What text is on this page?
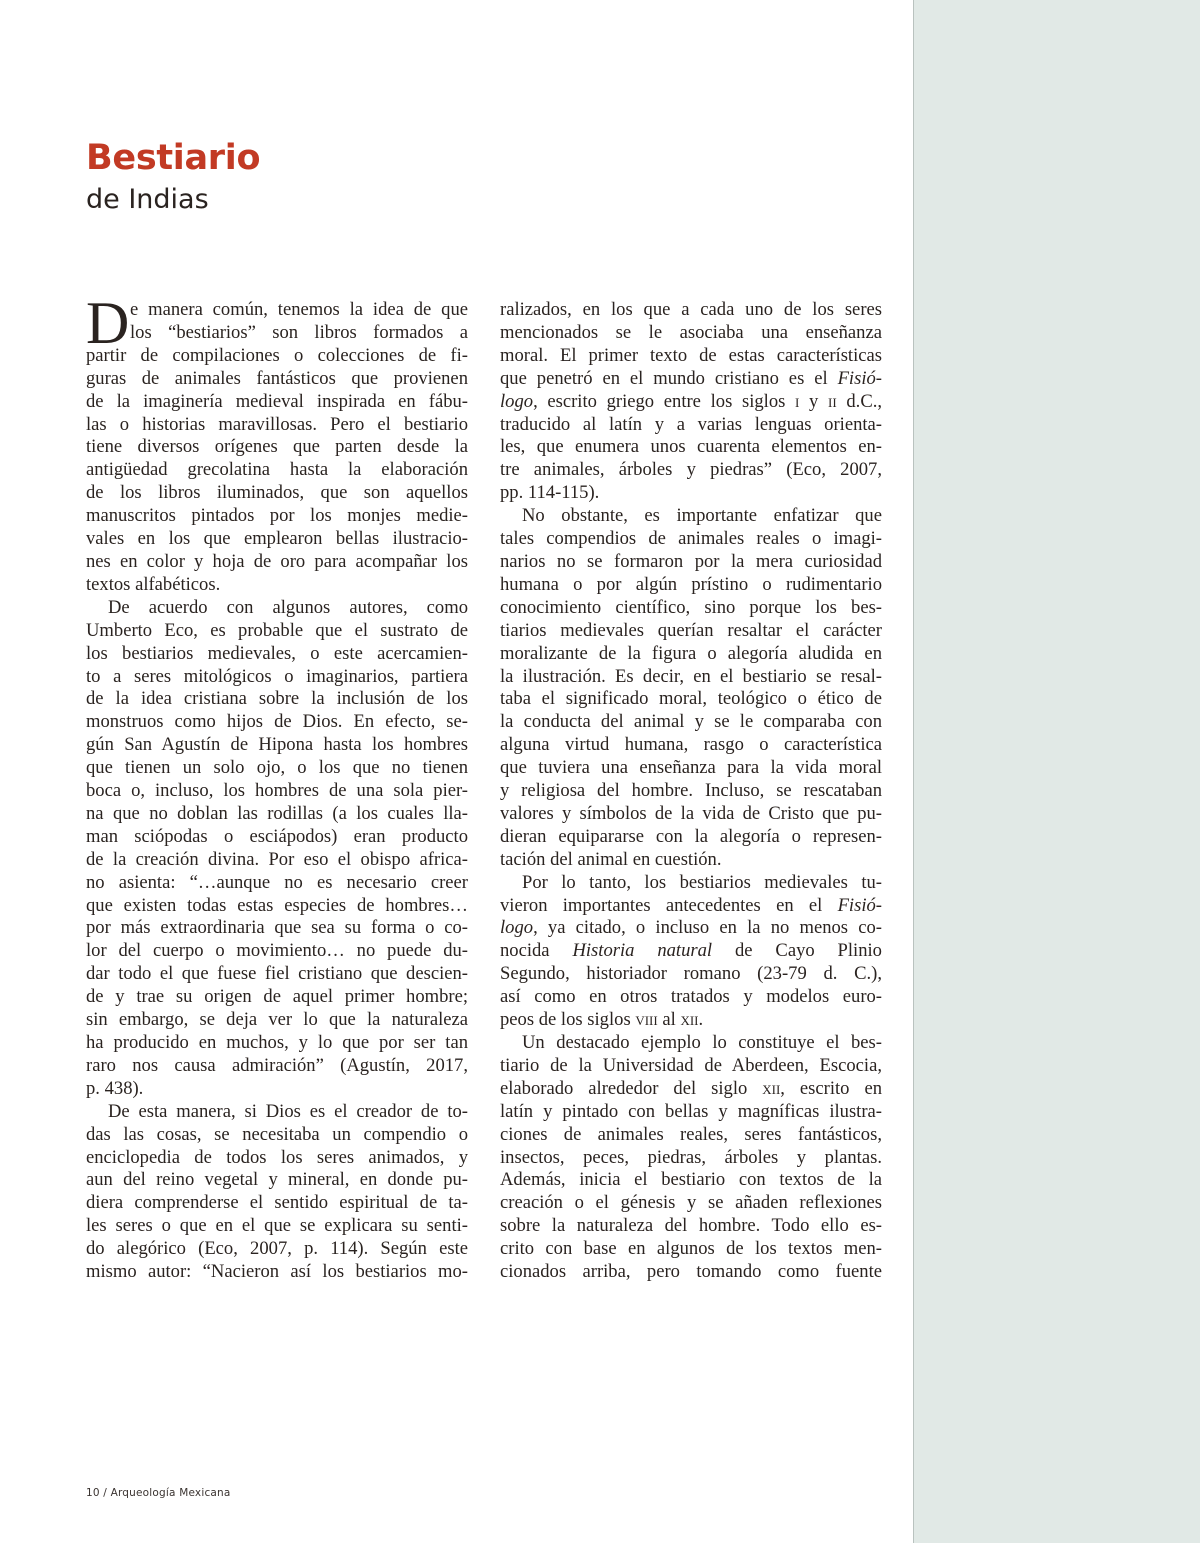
Bestiario
de Indias
D e manera común, tenemos la idea de que
los “bestiarios” son libros formados a
partir de compilaciones o colecciones de fi-
guras de animales fantásticos que provienen
de la imaginería medieval inspirada en fábu-
las o historias maravillosas. Pero el bestiario
tiene diversos orígenes que parten desde la
antigüedad grecolatina hasta la elaboración
de los libros iluminados, que son aquellos
manuscritos pintados por los monjes medie-
vales en los que emplearon bellas ilustracio-
nes en color y hoja de oro para acompañar los
textos alfabéticos.
De acuerdo con algunos autores, como
Umberto Eco, es probable que el sustrato de
los bestiarios medievales, o este acercamien-
to a seres mitológicos o imaginarios, partiera
de la idea cristiana sobre la inclusión de los
monstruos como hijos de Dios. En efecto, se-
gún San Agustín de Hipona hasta los hombres
que tienen un solo ojo, o los que no tienen
boca o, incluso, los hombres de una sola pier-
na que no doblan las rodillas (a los cuales lla-
man sciópodas o esciápodos) eran producto
de la creación divina. Por eso el obispo africa-
no asienta: “…aunque no es necesario creer
que existen todas estas especies de hombres…
por más extraordinaria que sea su forma o co-
lor del cuerpo o movimiento… no puede du-
dar todo el que fuese fiel cristiano que descien-
de y trae su origen de aquel primer hombre;
sin embargo, se deja ver lo que la naturaleza
ha producido en muchos, y lo que por ser tan
raro nos causa admiración” (Agustín, 2017,
p. 438).
De esta manera, si Dios es el creador de to-
das las cosas, se necesitaba un compendio o
enciclopedia de todos los seres animados, y
aun del reino vegetal y mineral, en donde pu-
diera comprenderse el sentido espiritual de ta-
les seres o que en el que se explicara su senti-
do alegórico (Eco, 2007, p. 114). Según este
mismo autor: “Nacieron así los bestiarios mo-
ralizados, en los que a cada uno de los seres
mencionados se le asociaba una enseñanza
moral. El primer texto de estas características
que penetró en el mundo cristiano es el Fisió-
logo, escrito griego entre los siglos i y ii d.C.,
traducido al latín y a varias lenguas orienta-
les, que enumera unos cuarenta elementos en-
tre animales, árboles y piedras” (Eco, 2007,
pp. 114-115).
No obstante, es importante enfatizar que
tales compendios de animales reales o imagi-
narios no se formaron por la mera curiosidad
humana o por algún prístino o rudimentario
conocimiento científico, sino porque los bes-
tiarios medievales querían resaltar el carácter
moralizante de la figura o alegoría aludida en
la ilustración. Es decir, en el bestiario se resal-
taba el significado moral, teológico o ético de
la conducta del animal y se le comparaba con
alguna virtud humana, rasgo o característica
que tuviera una enseñanza para la vida moral
y religiosa del hombre. Incluso, se rescataban
valores y símbolos de la vida de Cristo que pu-
dieran equipararse con la alegoría o represen-
tación del animal en cuestión.
Por lo tanto, los bestiarios medievales tu-
vieron importantes antecedentes en el Fisió-
logo, ya citado, o incluso en la no menos co-
nocida Historia natural de Cayo Plinio
Segundo, historiador romano (23-79 d. C.),
así como en otros tratados y modelos euro-
peos de los siglos viii al xii.
Un destacado ejemplo lo constituye el bes-
tiario de la Universidad de Aberdeen, Escocia,
elaborado alrededor del siglo xii, escrito en
latín y pintado con bellas y magníficas ilustra-
ciones de animales reales, seres fantásticos,
insectos, peces, piedras, árboles y plantas.
Además, inicia el bestiario con textos de la
creación o el génesis y se añaden reflexiones
sobre la naturaleza del hombre. Todo ello es-
crito con base en algunos de los textos men-
cionados arriba, pero tomando como fuente
10 / Arqueología Mexicana
